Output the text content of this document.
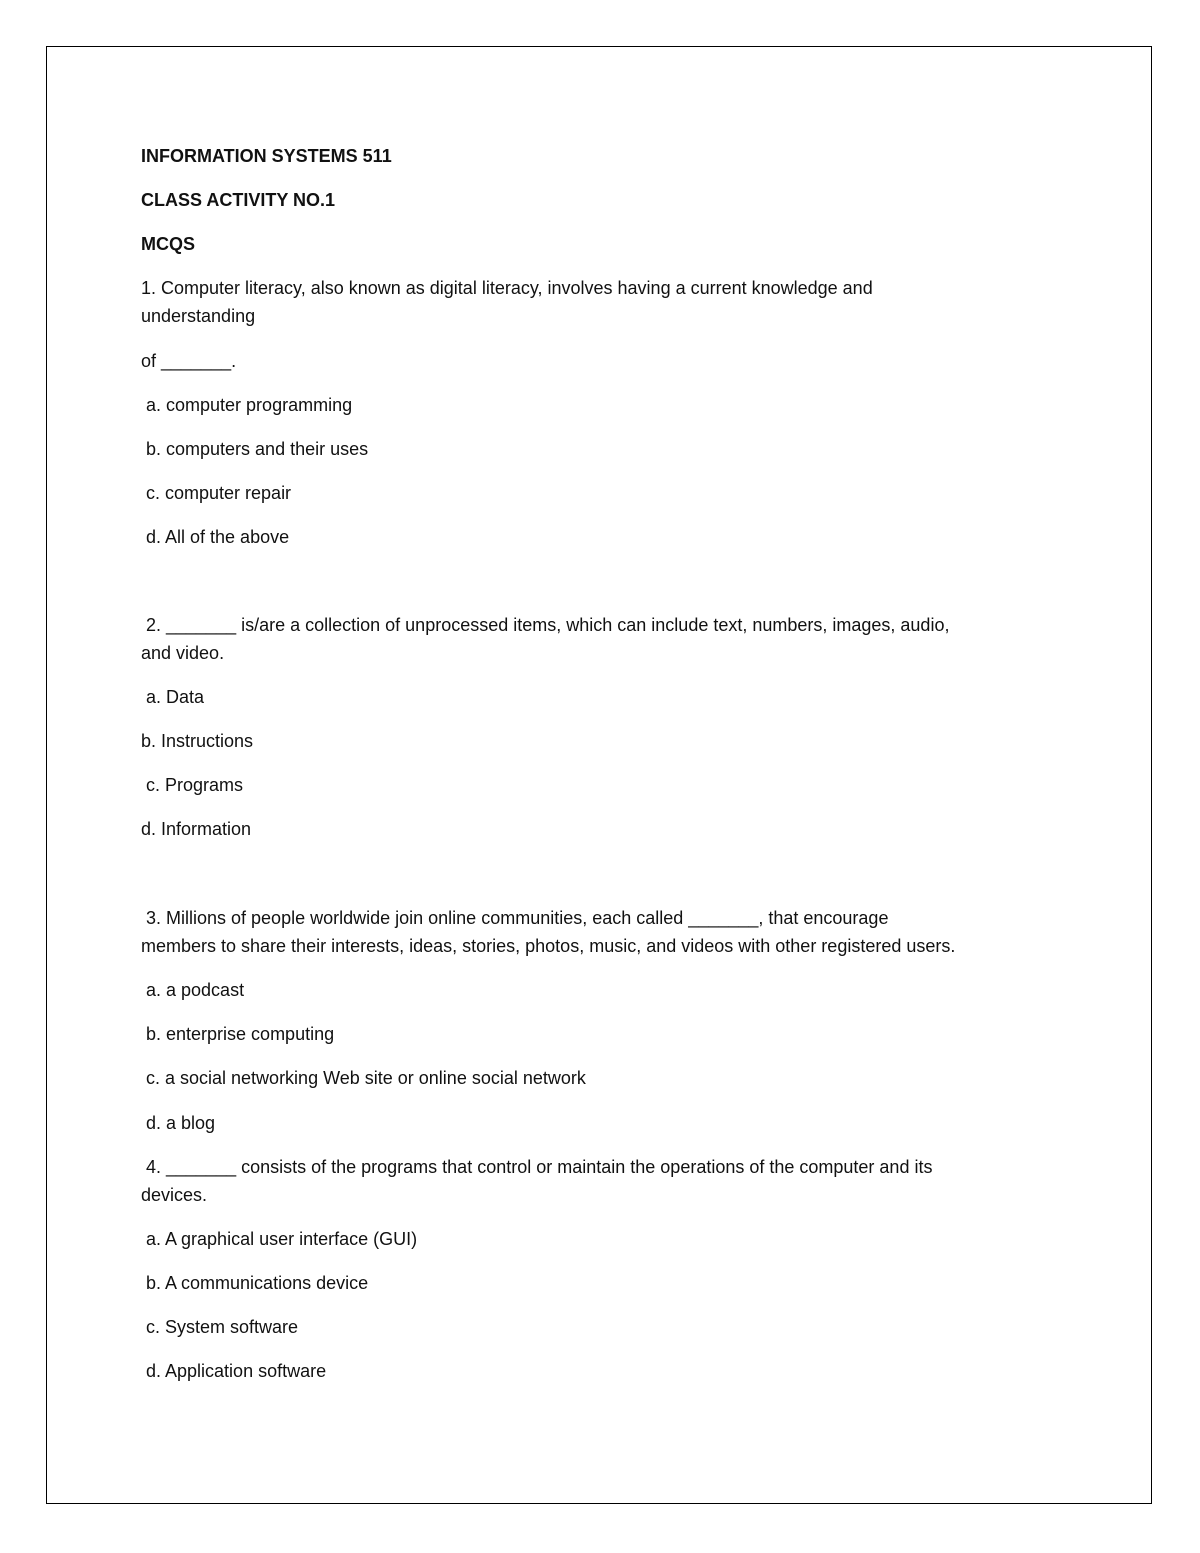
INFORMATION SYSTEMS 511
CLASS ACTIVITY NO.1
MCQS
1. Computer literacy, also known as digital literacy, involves having a current knowledge and
understanding
of _______.
a. computer programming
b. computers and their uses
c. computer repair
d. All of the above
2. _______ is/are a collection of unprocessed items, which can include text, numbers, images, audio,
and video.
a. Data
b. Instructions
c. Programs
d. Information
3. Millions of people worldwide join online communities, each called _______, that encourage
members to share their interests, ideas, stories, photos, music, and videos with other registered users.
a. a podcast
b. enterprise computing
c. a social networking Web site or online social network
d. a blog
4. _______ consists of the programs that control or maintain the operations of the computer and its
devices.
a. A graphical user interface (GUI)
b. A communications device
c. System software
d. Application software
